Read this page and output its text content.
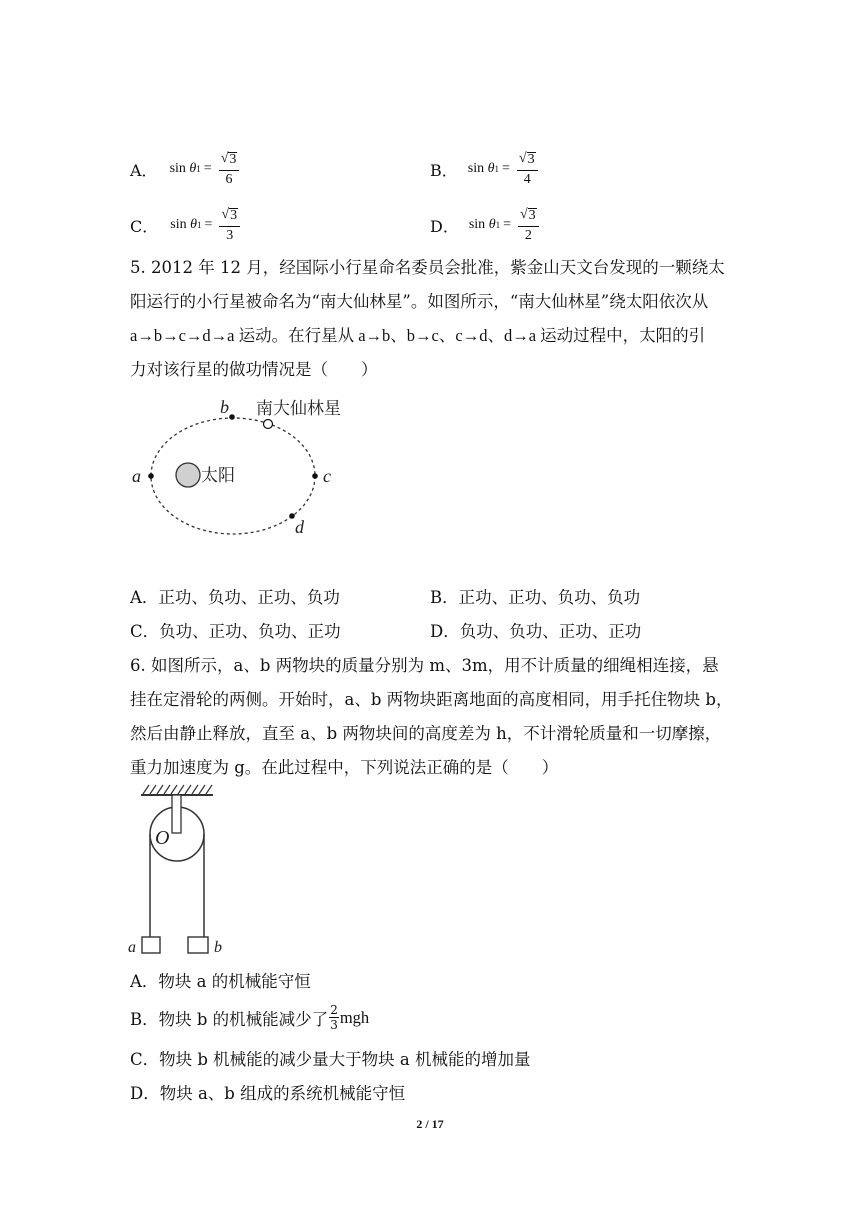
A． sin
θ $1 = \frac{√ 3}{6}$	B． sin
θ $1 = \frac{√ 3}{4}$
C． sin
θ $1 = \frac{√ 3}{3}$	D． sin
θ $1 = \frac{√ 3}{2}$
5. 2012 年 12 月，经国际小行星命名委员会批准，紫金山天文台发现的一颗绕太
阳运行的小行星被命名为“南大仙林星”。如图所示，“南大仙林星”绕太阳依次从
a→b→c→d→a 运动。在行星从 a→b、b→c、c→d、d→a 运动过程中，太阳的引
力对该行星的做功情况是（　　）
太阳
a
b 南大仙林星
c
d
A．正功、负功、正功、负功	B．正功、正功、负功、负功
C．负功、正功、负功、正功	D．负功、负功、正功、正功
6. 如图所示，a、b 两物块的质量分别为 m、3m，用不计质量的细绳相连接，悬
挂在定滑轮的两侧。开始时，a、b 两物块距离地面的高度相同，用手托住物块 b，
然后由静止释放，直至 a、b 两物块间的高度差为 h，不计滑轮质量和一切摩擦，
重力加速度为 g。在此过程中，下列说法正确的是（　　）
O
a	b
A．物块 a 的机械能守恒
B．物块 b 的机械能减少了 $\frac{2}{3}$ mgh
C．物块 b 机械能的减少量大于物块 a 机械能的增加量
D．物块 a、b 组成的系统机械能守恒
2 / 17
